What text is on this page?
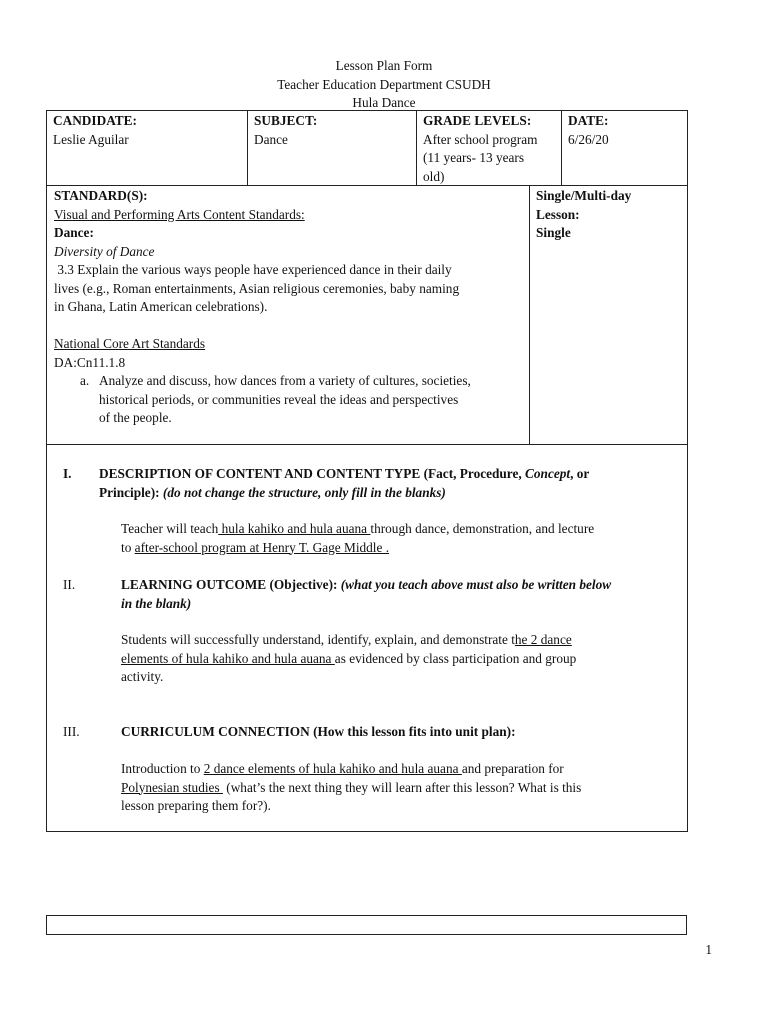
Lesson Plan Form
Teacher Education Department CSUDH
Hula Dance
CANDIDATE:
Leslie Aguilar
SUBJECT:
Dance
GRADE LEVELS:
After school program
(11 years- 13 years
old)
DATE:
6/26/20
STANDARD(S):
Visual and Performing Arts Content Standards:
Dance:
Diversity of Dance
3.3 Explain the various ways people have experienced dance in their daily
lives (e.g., Roman entertainments, Asian religious ceremonies, baby naming
in Ghana, Latin American celebrations).

National Core Art Standards
DA:Cn11.1.8
a. Analyze and discuss, how dances from a variety of cultures, societies,
historical periods, or communities reveal the ideas and perspectives
of the people.
Single/Multi-day
Lesson:
Single
I. DESCRIPTION OF CONTENT AND CONTENT TYPE (Fact, Procedure, Concept, or
Principle): (do not change the structure, only fill in the blanks)
Teacher will teach hula kahiko and hula auana through dance, demonstration, and lecture
to after-school program at Henry T. Gage Middle .
II.	LEARNING OUTCOME (Objective): (what you teach above must also be written below
in the blank)
Students will successfully understand, identify, explain, and demonstrate the 2 dance
elements of hula kahiko and hula auana as evidenced by class participation and group
activity.
III.	CURRICULUM CONNECTION (How this lesson fits into unit plan):
Introduction to 2 dance elements of hula kahiko and hula auana and preparation for
Polynesian studies  (what’s the next thing they will learn after this lesson? What is this
lesson preparing them for?).
1
